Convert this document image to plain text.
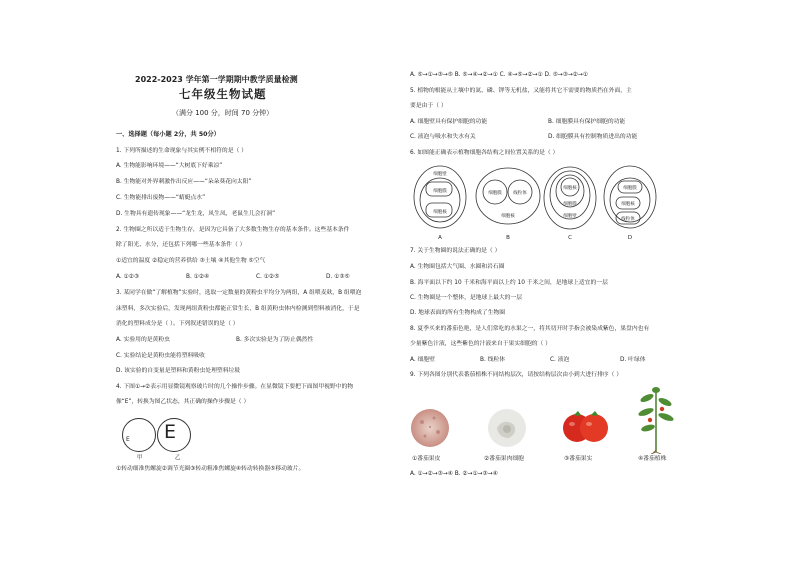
2022-2023 学年第一学期期中教学质量检测
七年级生物试题
（满分 100 分，时间 70 分钟）
一、选择题（每小题 2分，共 50分）
1. 下列所描述的生命现象与其实例不相符的是（ ）
A. 生物能影响环境——“大树底下好乘凉”
B. 生物能对外界刺激作出反应——“朵朵葵花向太阳”
C. 生物能排出废物——“蜻蜓点水”
D. 生物具有遗传现象——“龙生龙，凤生凤，老鼠生儿会打洞”
2. 生物圈之所以适于生物生存，是因为它具备了大多数生物生存的基本条件。这些基本条件
除了阳光、水分，还包括下列哪一些基本条件（ ）
①适宜的温度 ②稳定的营养供给 ③土壤 ④其他生物 ⑤空气
A. ①②③	B. ①②④	C. ①②⑤	D. ①③⑤
3. 某同学在做“了解植物”实验时，选取一定数量的黄粉虫平均分为两组，A 组喂麦麸，B 组喂泡
沫塑料，多次实验后，发现两组黄粉虫都能正常生长，B 组黄粉虫体内检测到塑料被消化，于是
消化的塑料成分是（ ）。下列叙述错误的是（ ）
A. 实验用的是黄粉虫	B. 多次实验是为了防止偶然性
C. 实验结论是黄粉虫能将塑料吸收
D. 该实验的自变量是塑料和黄粉虫处理塑料垃圾
4. 下图①→②表示用显微镜观察玻片时的几个操作步骤。在显微镜下要把下面图甲视野中的物
像“E”，转换为图乙状态，其正确的操作步骤是（ ）
E E
甲	乙
①转动细准焦螺旋②调节光圈③转动粗准焦螺旋④转动转换器⑤移动玻片。
A. ⑤→①→③→⑤ B. ⑤→④→②→① C. ④→⑤→②→① D. ⑤→③→②→①
5. 植物的根能从土壤中的氮、磷、钾等无机盐，又能将其它不需要的物质挡在外面，主
要是由于（ ）
A. 细胞壁具有保护细胞的功能	B. 细胞膜具有保护细胞的功能
C. 液泡与吸水和失水有关	D. 细胞膜具有控制物质进出的功能
6. 如图能正确表示植物细胞各结构之间位置关系的是（ ）
细胞壁
细胞膜
细胞核
细胞膜	线粒体
细胞核
细胞核
细胞膜
细胞壁
细胞膜
细胞核
线粒体
A	B	C	D
7. 关于生物圈的说法正确的是（ ）
A. 生物圈包括大气圈、水圈和岩石圈
B. 海平面以下约 10 千米和海平面以上约 10 千米之间，是地球上适宜的一层
C. 生物圈是一个整体，是地球上最大的一层
D. 地球表面的所有生物构成了生物圈
8. 夏季买来的番茄色艳，是人们常吃的水果之一，将其切开时手指会被染成紫色，果盘内也有
少量紫色汁液，这些紫色的汁液来自于果实细胞的（ ）
A. 细胞壁	B. 线粒体	C. 液泡	D. 叶绿体
9. 下列各图分别代表番茄植株不同结构层次，请按结构层次由小到大进行排序（ ）
①番茄果皮	②番茄果肉细胞	③番茄果实	④番茄植株
A. ①→②→③→④ B. ②→①→③→④
